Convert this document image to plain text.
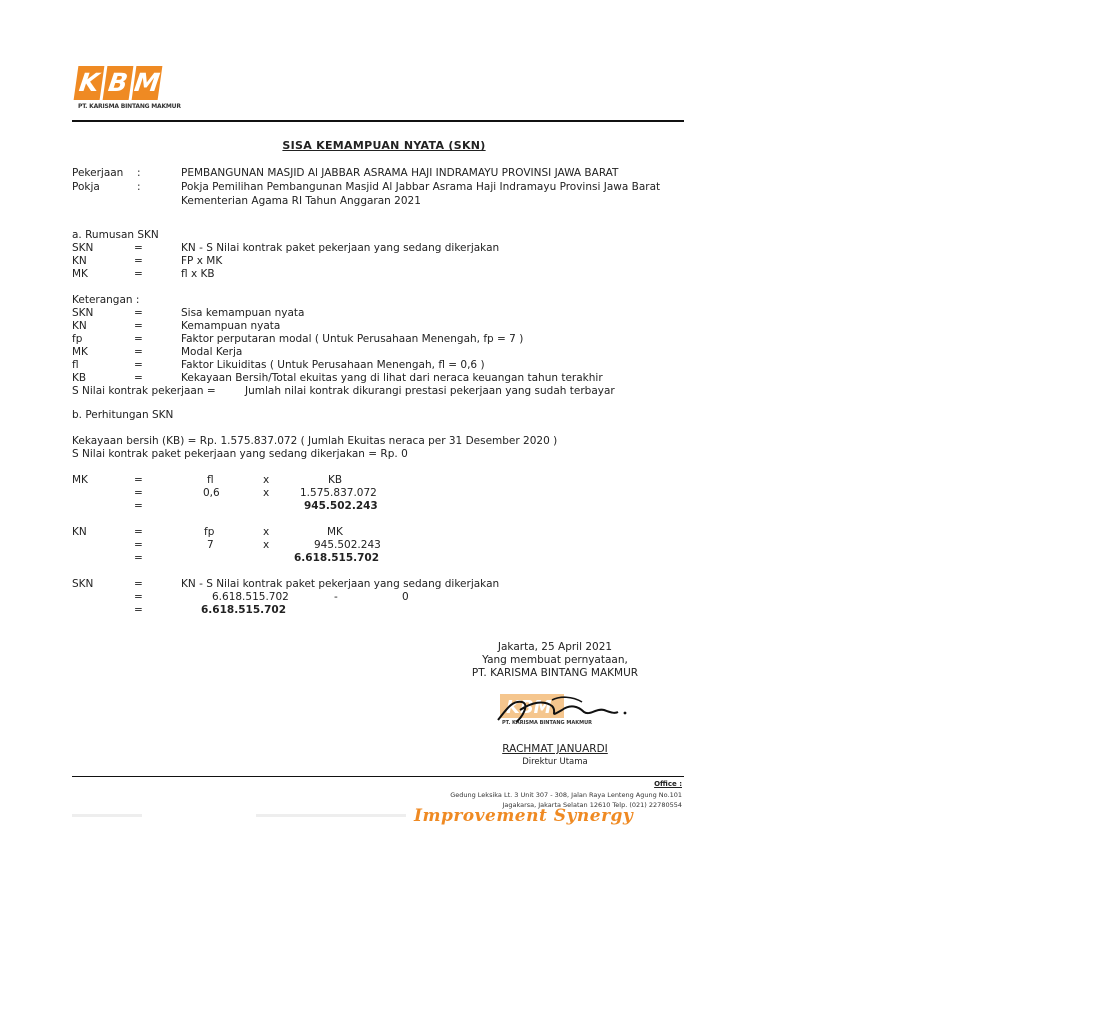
K B M
PT. KARISMA BINTANG MAKMUR
SISA KEMAMPUAN NYATA (SKN)
Pekerjaan :	PEMBANGUNAN MASJID Al JABBAR ASRAMA HAJI INDRAMAYU PROVINSI JAWA BARAT
Pokja	:	Pokja Pemilihan Pembangunan Masjid Al Jabbar Asrama Haji Indramayu Provinsi Jawa Barat
Kementerian Agama RI Tahun Anggaran 2021
a. Rumusan SKN
SKN	=	KN - S Nilai kontrak paket pekerjaan yang sedang dikerjakan
KN	=	FP x MK
MK	=	fl x KB
Keterangan :
SKN	=	Sisa kemampuan nyata
KN	=	Kemampuan nyata
fp	=	Faktor perputaran modal ( Untuk Perusahaan Menengah, fp = 7 )
MK	=	Modal Kerja
fl	=	Faktor Likuiditas ( Untuk Perusahaan Menengah, fl = 0,6 )
KB	=	Kekayaan Bersih/Total ekuitas yang di lihat dari neraca keuangan tahun terakhir
S Nilai kontrak pekerjaan =	Jumlah nilai kontrak dikurangi prestasi pekerjaan yang sudah terbayar
b. Perhitungan SKN
Kekayaan bersih (KB) = Rp. 1.575.837.072 ( Jumlah Ekuitas neraca per 31 Desember 2020 )
S Nilai kontrak paket pekerjaan yang sedang dikerjakan = Rp. 0
MK	=	fl	x	KB
=	0,6	x	1.575.837.072
=	945.502.243
KN	=	fp	x	MK
=	7	x	945.502.243
=	6.618.515.702
SKN	=	KN - S Nilai kontrak paket pekerjaan yang sedang dikerjakan
=	6.618.515.702	-	0
=	6.618.515.702
Jakarta, 25 April 2021
Yang membuat pernyataan,
PT. KARISMA BINTANG MAKMUR
KBM
PT. KARISMA BINTANG MAKMUR
RACHMAT JANUARDI
Direktur Utama
Office :
Gedung Leksika Lt. 3 Unit 307 - 308, Jalan Raya Lenteng Agung No.101
Jagakarsa, Jakarta Selatan 12610 Telp. (021) 22780554
Improvement Synergy
